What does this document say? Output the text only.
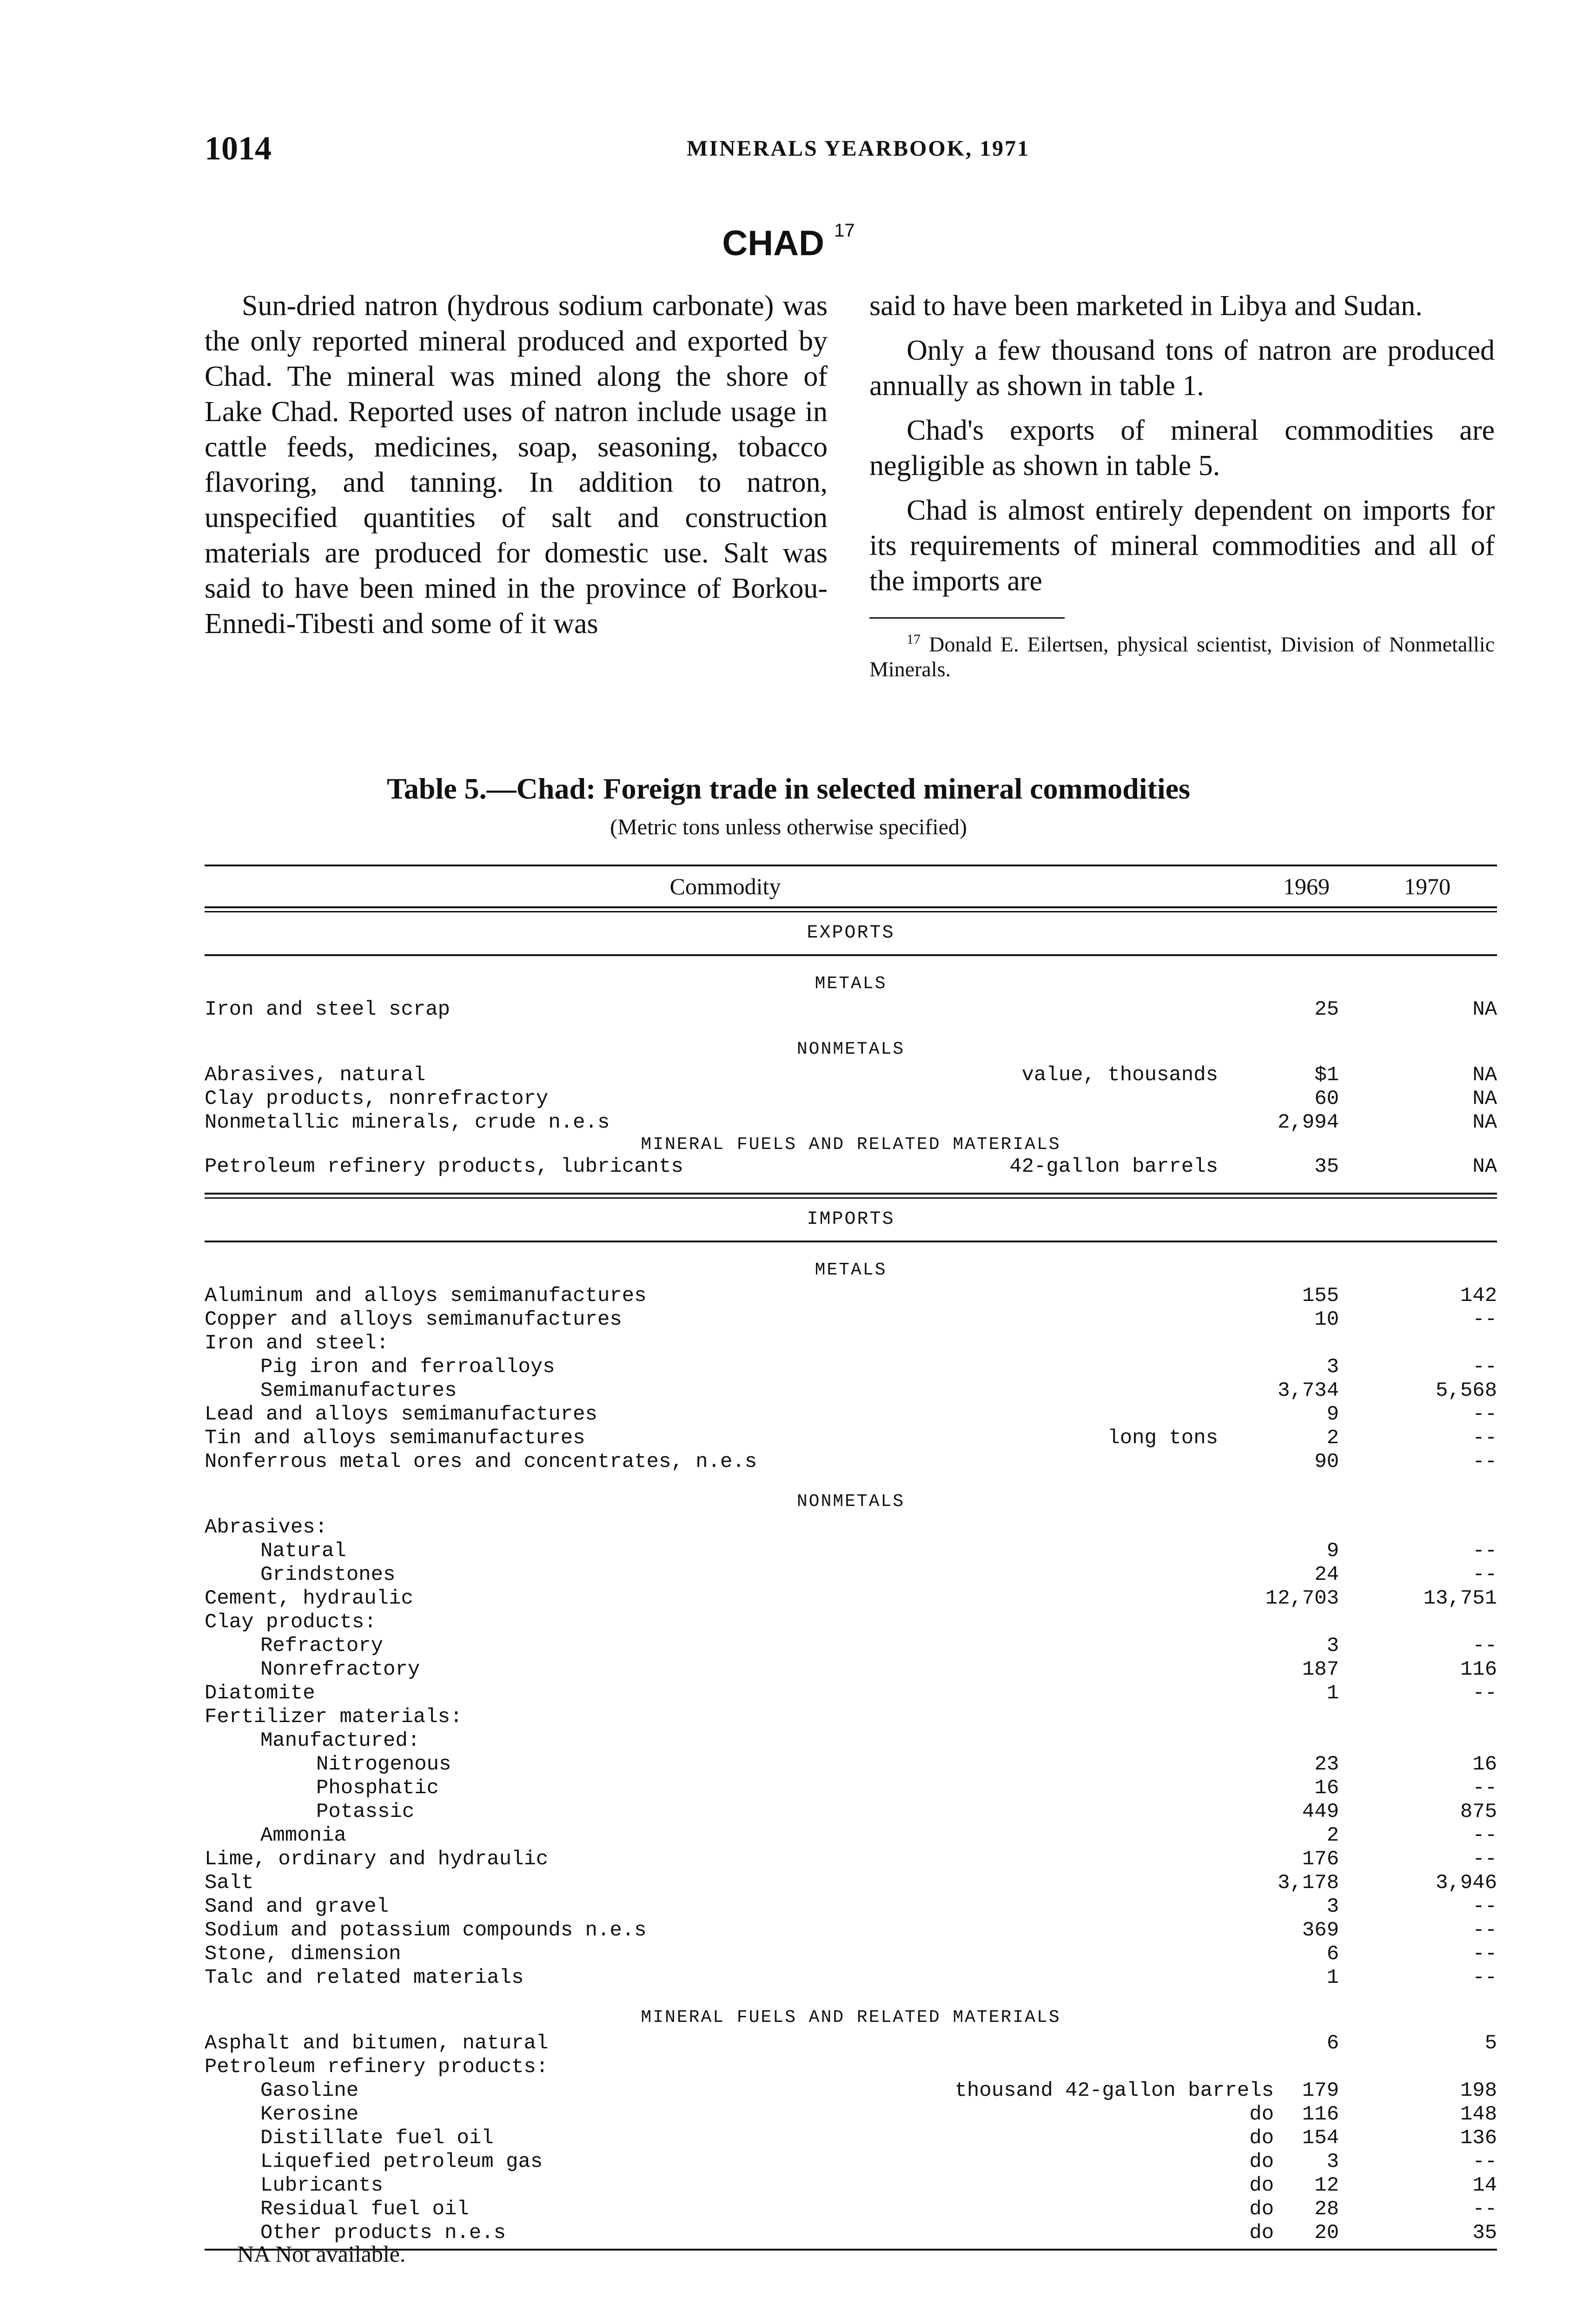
1014	MINERALS YEARBOOK, 1971
CHAD $^{17}$

Sun-dried natron (hydrous sodium carbonate) was the only reported mineral produced and exported by Chad. The mineral was mined along the shore of Lake Chad. Reported uses of natron include usage in cattle feeds, medicines, soap, seasoning, tobacco flavoring, and tanning. In addition to natron, unspecified quantities of salt and construction materials are produced for domestic use. Salt was said to have been mined in the province of Borkou-Ennedi-Tibesti and some of it was

said to have been marketed in Libya and Sudan.

Only a few thousand tons of natron are produced annually as shown in table 1.

Chad's exports of mineral commodities are negligible as shown in table 5.

Chad is almost entirely dependent on imports for its requirements of mineral commodities and all of the imports are

$^{17}$ Donald E. Eilertsen, physical scientist, Division of Nonmetallic Minerals.
Table 5.—Chad: Foreign trade in selected mineral commodities
(Metric tons unless otherwise specified)
Commodity	1969	1970
EXPORTS
METALS
Iron and steel scrap	25	NA
NONMETALS
Abrasives, natural	value, thousands	$1	NA
Clay products, nonrefractory	60	NA
Nonmetallic minerals, crude n.e.s	2,994	NA
MINERAL FUELS AND RELATED MATERIALS
Petroleum refinery products, lubricants	42-gallon barrels	35	NA
IMPORTS
METALS
Aluminum and alloys semimanufactures	155	142
Copper and alloys semimanufactures	10	--
Iron and steel:
Pig iron and ferroalloys	3	--
Semimanufactures	3,734	5,568
Lead and alloys semimanufactures	9	--
Tin and alloys semimanufactures	long tons	2	--
Nonferrous metal ores and concentrates, n.e.s	90	--
NONMETALS
Abrasives:
Natural	9	--
Grindstones	24	--
Cement, hydraulic	12,703	13,751
Clay products:
Refractory	3	--
Nonrefractory	187	116
Diatomite	1	--
Fertilizer materials:
Manufactured:
Nitrogenous	23	16
Phosphatic	16	--
Potassic	449	875
Ammonia	2	--
Lime, ordinary and hydraulic	176	--
Salt	3,178	3,946
Sand and gravel	3	--
Sodium and potassium compounds n.e.s	369	--
Stone, dimension	6	--
Talc and related materials	1	--
MINERAL FUELS AND RELATED MATERIALS
Asphalt and bitumen, natural	6	5
Petroleum refinery products:
Gasoline	thousand 42-gallon barrels	179	198
Kerosine	do	116	148
Distillate fuel oil	do	154	136
Liquefied petroleum gas	do	3	--
Lubricants	do	12	14
Residual fuel oil	do	28	--
Other products n.e.s	do	20	35
NA Not available.
